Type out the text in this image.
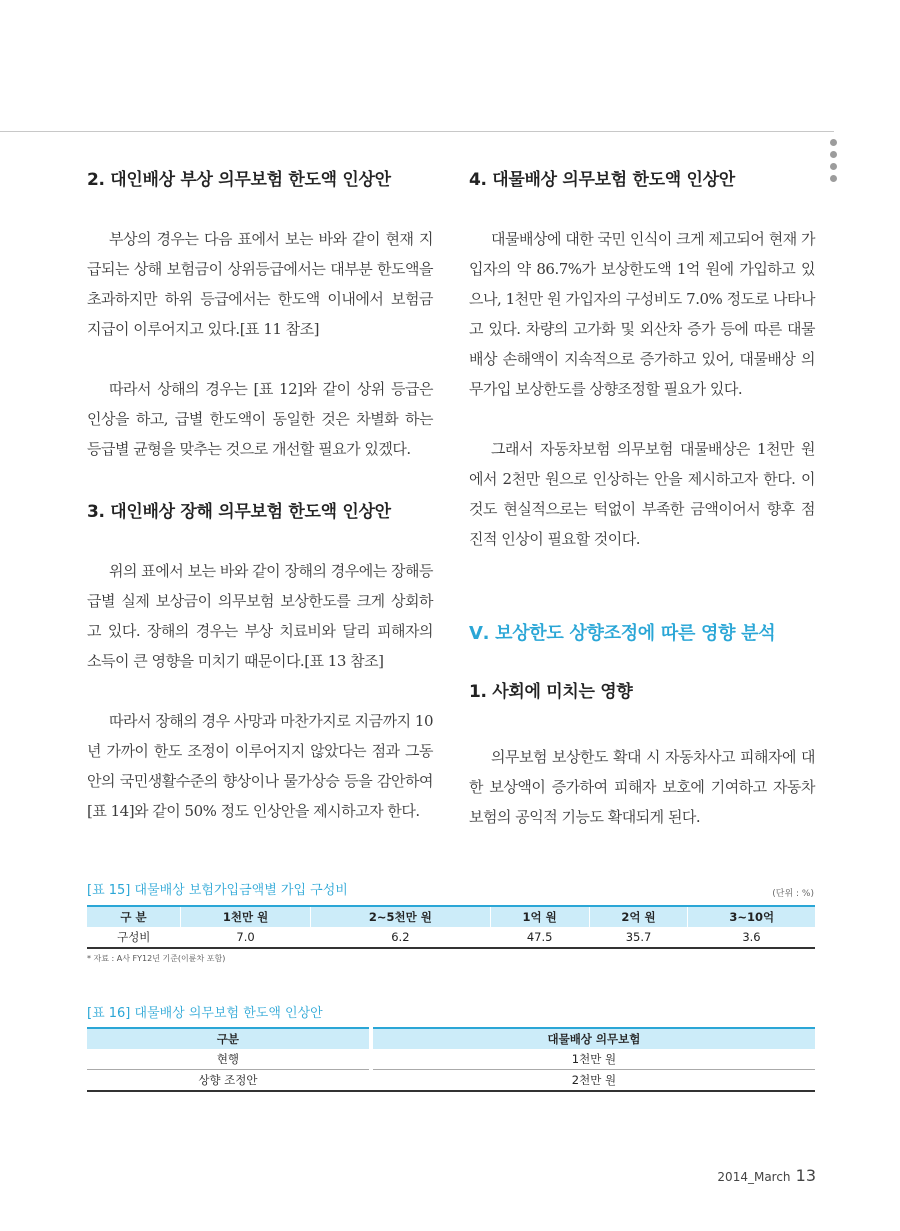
2. 대인배상 부상 의무보험 한도액 인상안

부상의 경우는 다음 표에서 보는 바와 같이 현재 지급되는 상해 보험금이 상위등급에서는 대부분 한도액을 초과하지만 하위 등급에서는 한도액 이내에서 보험금 지급이 이루어지고 있다.[표 11 참조]

따라서 상해의 경우는 [표 12]와 같이 상위 등급은 인상을 하고, 급별 한도액이 동일한 것은 차별화 하는 등급별 균형을 맞추는 것으로 개선할 필요가 있겠다.

3. 대인배상 장해 의무보험 한도액 인상안

위의 표에서 보는 바와 같이 장해의 경우에는 장해등급별 실제 보상금이 의무보험 보상한도를 크게 상회하고 있다. 장해의 경우는 부상 치료비와 달리 피해자의 소득이 큰 영향을 미치기 때문이다.[표 13 참조]

따라서 장해의 경우 사망과 마찬가지로 지금까지 10년 가까이 한도 조정이 이루어지지 않았다는 점과 그동안의 국민생활수준의 향상이나 물가상승 등을 감안하여 [표 14]와 같이 50% 정도 인상안을 제시하고자 한다.

4. 대물배상 의무보험 한도액 인상안

대물배상에 대한 국민 인식이 크게 제고되어 현재 가입자의 약 86.7%가 보상한도액 1억 원에 가입하고 있으나, 1천만 원 가입자의 구성비도 7.0% 정도로 나타나고 있다. 차량의 고가화 및 외산차 증가 등에 따른 대물배상 손해액이 지속적으로 증가하고 있어, 대물배상 의무가입 보상한도를 상향조정할 필요가 있다.

그래서 자동차보험 의무보험 대물배상은 1천만 원에서 2천만 원으로 인상하는 안을 제시하고자 한다. 이것도 현실적으로는 턱없이 부족한 금액이어서 향후 점진적 인상이 필요할 것이다.

Ⅴ. 보상한도 상향조정에 따른 영향 분석
1. 사회에 미치는 영향

의무보험 보상한도 확대 시 자동차사고 피해자에 대한 보상액이 증가하여 피해자 보호에 기여하고 자동차보험의 공익적 기능도 확대되게 된다.

[표 15] 대물배상 보험가입금액별 가입 구성비	(단위 : %)
구 분	1천만 원	2~5천만 원	1억 원	2억 원	3~10억
구성비	7.0	6.2	47.5	35.7	3.6
* 자료 : A사 FY12년 기준(이륜차 포함)
[표 16] 대물배상 의무보험 한도액 인상안
구분		대물배상 의무보험
현행		1천만 원
상향 조정안		2천만 원
2014_March 13
